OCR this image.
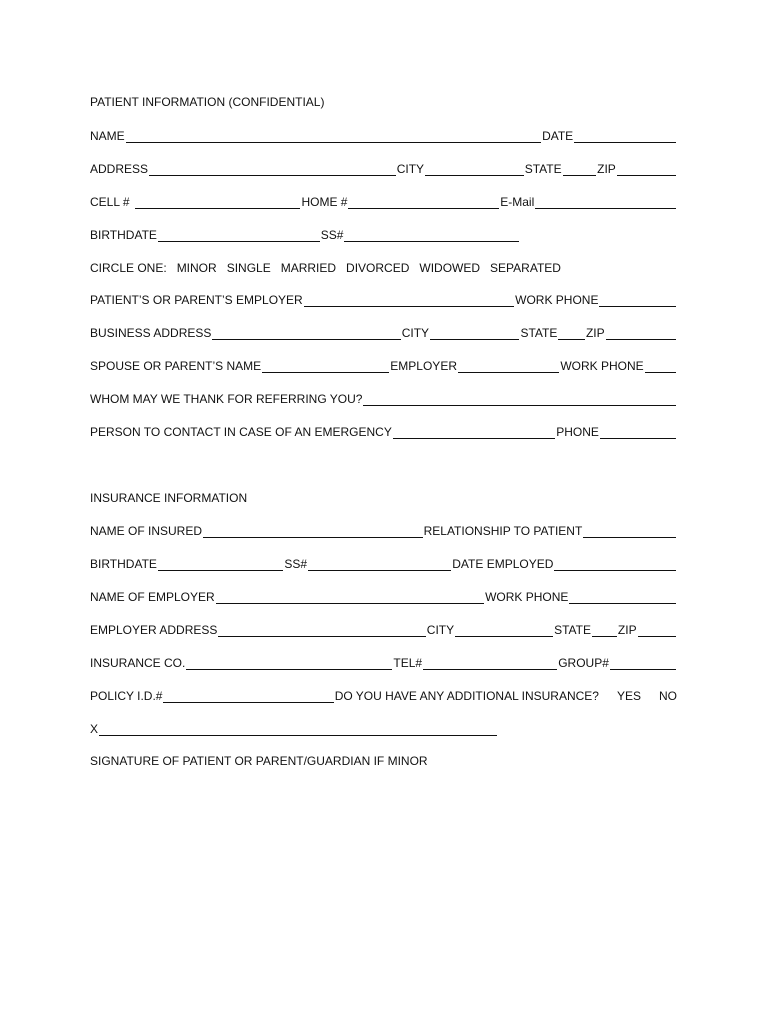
PATIENT INFORMATION (CONFIDENTIAL)
NAME	DATE
ADDRESS	CITY	STATE	ZIP
CELL #	HOME #	E-Mail
BIRTHDATE	SS#
CIRCLE ONE: MINOR SINGLE MARRIED DIVORCED WIDOWED SEPARATED
PATIENT’S OR PARENT’S EMPLOYER	WORK PHONE
BUSINESS ADDRESS	CITY	STATE ZIP
SPOUSE OR PARENT’S NAME	EMPLOYER	WORK PHONE
WHOM MAY WE THANK FOR REFERRING YOU?
PERSON TO CONTACT IN CASE OF AN EMERGENCY	PHONE
INSURANCE INFORMATION
NAME OF INSURED	RELATIONSHIP TO PATIENT
BIRTHDATE	SS#	DATE EMPLOYED
NAME OF EMPLOYER	WORK PHONE
EMPLOYER ADDRESS	CITY	STATE ZIP
INSURANCE CO.	TEL#	GROUP#
POLICY I.D.#	DO YOU HAVE ANY ADDITIONAL INSURANCE? YES NO
X
SIGNATURE OF PATIENT OR PARENT/GUARDIAN IF MINOR
